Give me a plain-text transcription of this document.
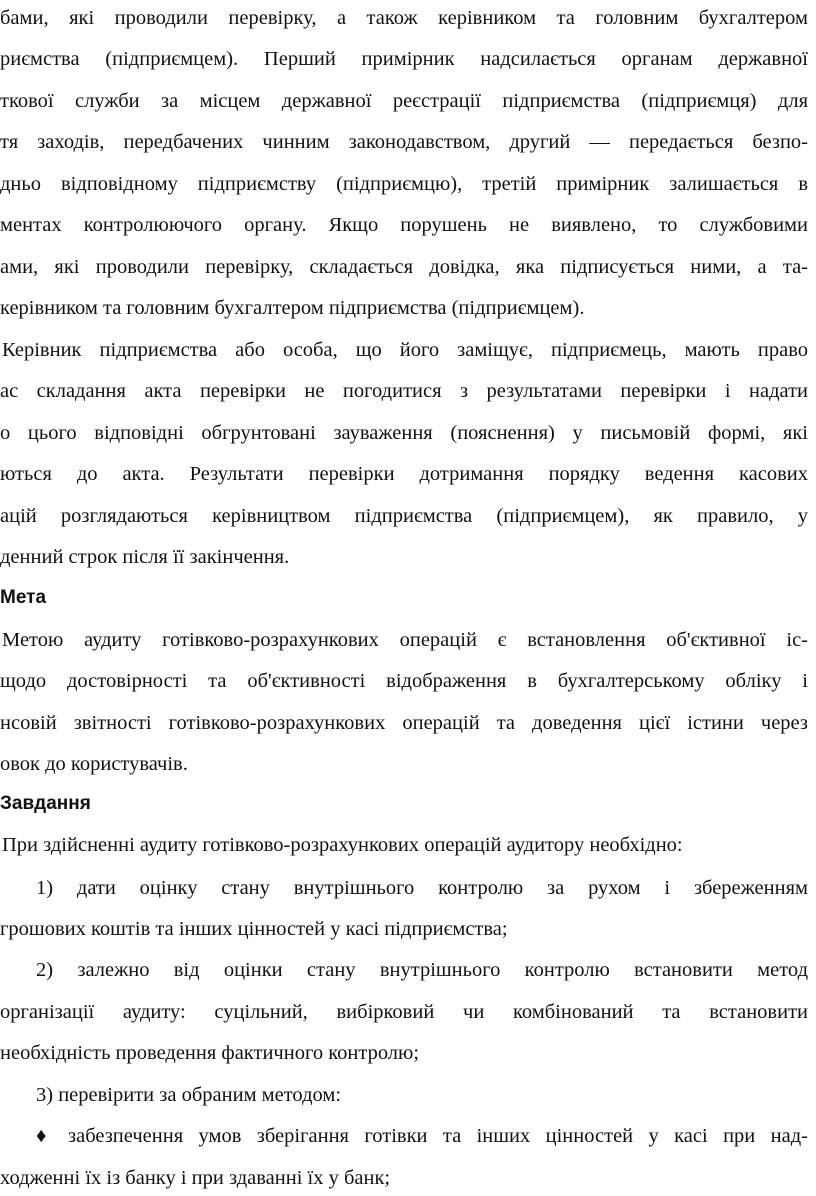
бами, які проводили перевірку, а також керівником та головним бухгалтером
риємства (підприємцем). Перший примірник надсилається органам державної
ткової служби за місцем державної реєстрації підприємства (підприємця) для
тя заходів, передбачених чинним законодавством, другий — передається безпо-
дньо відповідному підприємству (підприємцю), третій примірник залишається в
ментах контролюючого органу. Якщо порушень не виявлено, то службовими
ами, які проводили перевірку, складається довідка, яка підписується ними, а та-
керівником та головним бухгалтером підприємства (підприємцем).
Керівник підприємства або особа, що його заміщує, підприємець, мають право
ас складання акта перевірки не погодитися з результатами перевірки і надати
о цього відповідні обгрунтовані зауваження (пояснення) у письмовій формі, які
ються до акта. Результати перевірки дотримання порядку ведення касових
ацій розглядаються керівництвом підприємства (підприємцем), як правило, у
денний строк після її закінчення.
Мета
Метою аудиту готівково-розрахункових операцій є встановлення об'єктивної іс-
щодо достовірності та об'єктивності відображення в бухгалтерському обліку і
нсовій звітності готівково-розрахункових операцій та доведення цієї істини через
овок до користувачів.
Завдання
При здійсненні аудиту готівково-розрахункових операцій аудитору необхідно:
1) дати оцінку стану внутрішнього контролю за рухом і збереженням
грошових коштів та інших цінностей у касі підприємства;
2) залежно від оцінки стану внутрішнього контролю встановити метод
організації аудиту: суцільний, вибірковий чи комбінований та встановити
необхідність проведення фактичного контролю;
3) перевірити за обраним методом:
♦	забезпечення умов зберігання готівки та інших цінностей у касі при над-
ходженні їх із банку і при здаванні їх у банк;
